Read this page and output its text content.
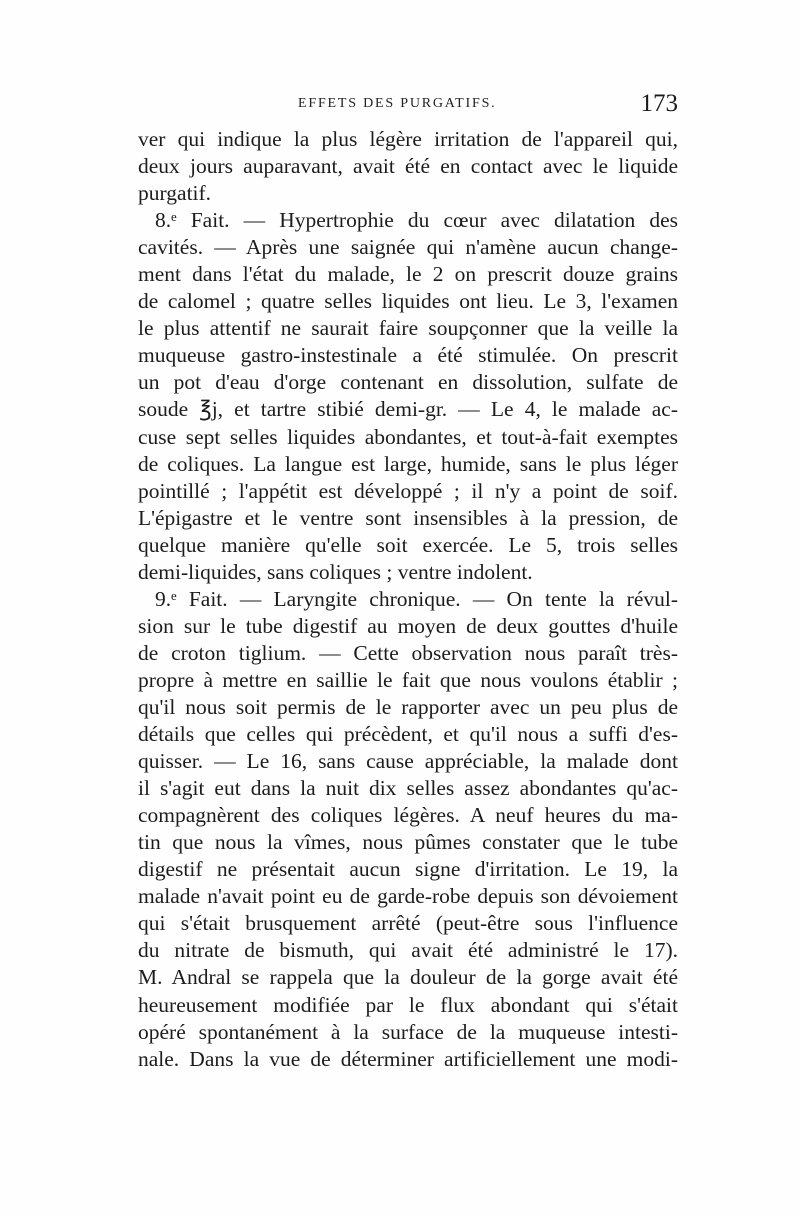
EFFETS DES PURGATIFS.	173
ver qui indique la plus légère irritation de l'appareil qui,
deux jours auparavant, avait été en contact avec le liquide
purgatif.
8.ᵉ Fait. — Hypertrophie du cœur avec dilatation des
cavités. — Après une saignée qui n'amène aucun change-
ment dans l'état du malade, le 2 on prescrit douze grains
de calomel ; quatre selles liquides ont lieu. Le 3, l'examen
le plus attentif ne saurait faire soupçonner que la veille la
muqueuse gastro-instestinale a été stimulée. On prescrit
un pot d'eau d'orge contenant en dissolution, sulfate de
soude ℥j, et tartre stibié demi-gr. — Le 4, le malade ac-
cuse sept selles liquides abondantes, et tout-à-fait exemptes
de coliques. La langue est large, humide, sans le plus léger
pointillé ; l'appétit est développé ; il n'y a point de soif.
L'épigastre et le ventre sont insensibles à la pression, de
quelque manière qu'elle soit exercée. Le 5, trois selles
demi-liquides, sans coliques ; ventre indolent.
9.ᵉ Fait. — Laryngite chronique. — On tente la révul-
sion sur le tube digestif au moyen de deux gouttes d'huile
de croton tiglium. — Cette observation nous paraît très-
propre à mettre en saillie le fait que nous voulons établir ;
qu'il nous soit permis de le rapporter avec un peu plus de
détails que celles qui précèdent, et qu'il nous a suffi d'es-
quisser. — Le 16, sans cause appréciable, la malade dont
il s'agit eut dans la nuit dix selles assez abondantes qu'ac-
compagnèrent des coliques légères. A neuf heures du ma-
tin que nous la vîmes, nous pûmes constater que le tube
digestif ne présentait aucun signe d'irritation. Le 19, la
malade n'avait point eu de garde-robe depuis son dévoiement
qui s'était brusquement arrêté (peut-être sous l'influence
du nitrate de bismuth, qui avait été administré le 17).
M. Andral se rappela que la douleur de la gorge avait été
heureusement modifiée par le flux abondant qui s'était
opéré spontanément à la surface de la muqueuse intesti-
nale. Dans la vue de déterminer artificiellement une modi-
